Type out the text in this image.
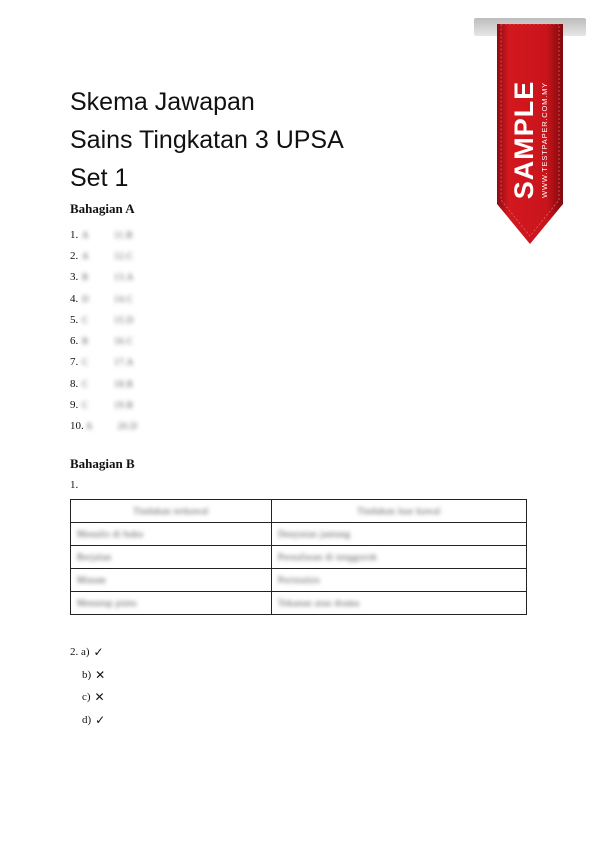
Skema Jawapan
Sains Tingkatan 3 UPSA
Set 1
Bahagian A
1. A	11.B
2. A	12.C
3. B	13.A
4. D	14.C
5. C	15.D
6. B	16.C
7. C	17.A
8. C	18.B
9. C	19.B
10. A	20.D
Bahagian B
1.
Tindakan terkawal	Tindakan luar kawal
Menulis di buku	Denyutan jantung
Berjalan	Pernafasan di tenggorok
Minum	Peristalsis
Menutup pintu	Tekanan atau drama
2. a) ✓
b) ✕
c) ✕
d) ✓
SAMPLE WWW.TESTPAPER.COM.MY
